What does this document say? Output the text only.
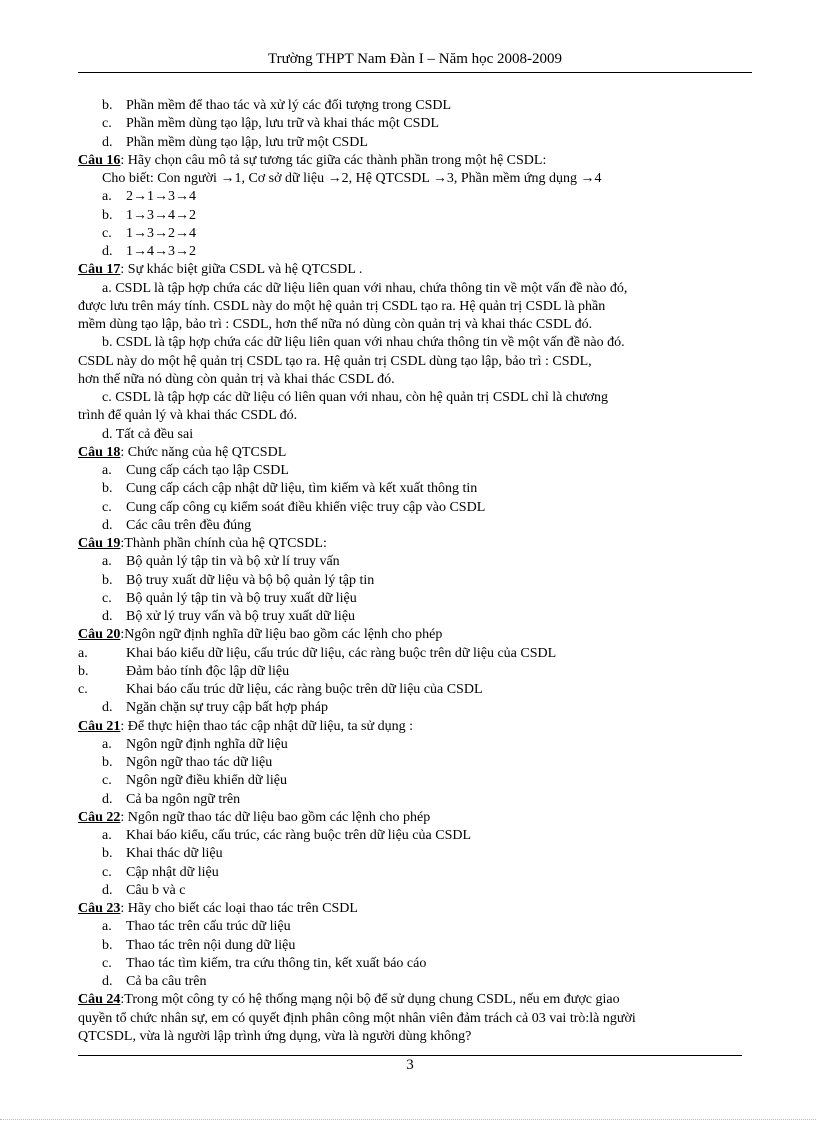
Trường THPT Nam Đàn I – Năm học 2008-2009
b. Phần mềm để thao tác và xử lý các đối tượng trong CSDL
c. Phần mềm dùng tạo lập, lưu trữ và khai thác một CSDL
d. Phần mềm dùng tạo lập, lưu trữ một CSDL
Câu 16: Hãy chọn câu mô tả sự tương tác giữa các thành phần trong một hệ CSDL:
Cho biết: Con người →1, Cơ sở dữ liệu →2, Hệ QTCSDL →3, Phần mềm ứng dụng →4
a. 2→1→3→4
b. 1→3→4→2
c. 1→3→2→4
d. 1→4→3→2
Câu 17: Sự khác biệt giữa CSDL và hệ QTCSDL .
a. CSDL là tập hợp chứa các dữ liệu liên quan với nhau, chứa thông tin về một vấn đề nào đó,
được lưu trên máy tính. CSDL này do một hệ quản trị CSDL tạo ra. Hệ quản trị CSDL là phần
mềm dùng tạo lập, bảo trì : CSDL, hơn thế nữa nó dùng còn quản trị và khai thác CSDL đó.
b. CSDL là tập hợp chứa các dữ liệu liên quan với nhau chứa thông tin về một vấn đề nào đó.
CSDL này do một hệ quản trị CSDL tạo ra. Hệ quản trị CSDL dùng tạo lập, bảo trì : CSDL,
hơn thế nữa nó dùng còn quản trị và khai thác CSDL đó.
c. CSDL là tập hợp các dữ liệu có liên quan với nhau, còn hệ quản trị CSDL chỉ là chương
trình để quản lý và khai thác CSDL đó.
d. Tất cả đều sai
Câu 18: Chức năng của hệ QTCSDL
a. Cung cấp cách tạo lập CSDL
b. Cung cấp cách cập nhật dữ liệu, tìm kiếm và kết xuất thông tin
c. Cung cấp công cụ kiểm soát điều khiển việc truy cập vào CSDL
d. Các câu trên đều đúng
Câu 19:Thành phần chính của hệ QTCSDL:
a. Bộ quản lý tập tin và bộ xử lí truy vấn
b. Bộ truy xuất dữ liệu và bộ bộ quản lý tập tin
c. Bộ quản lý tập tin và bộ truy xuất dữ liệu
d. Bộ xử lý truy vấn và bộ truy xuất dữ liệu
Câu 20:Ngôn ngữ định nghĩa dữ liệu bao gồm các lệnh cho phép
a.	Khai báo kiểu dữ liệu, cấu trúc dữ liệu, các ràng buộc trên dữ liệu của CSDL
b.	Đảm bảo tính độc lập dữ liệu
c.	Khai báo cấu trúc dữ liệu, các ràng buộc trên dữ liệu của CSDL
d. Ngăn chặn sự truy cập bất hợp pháp
Câu 21: Để thực hiện thao tác cập nhật dữ liệu, ta sử dụng :
a. Ngôn ngữ định nghĩa dữ liệu
b. Ngôn ngữ thao tác dữ liệu
c. Ngôn ngữ điều khiển dữ liệu
d. Cả ba ngôn ngữ trên
Câu 22: Ngôn ngữ thao tác dữ liệu bao gồm các lệnh cho phép
a. Khai báo kiểu, cấu trúc, các ràng buộc trên dữ liệu của CSDL
b. Khai thác dữ liệu
c. Cập nhật dữ liệu
d. Câu b và c
Câu 23: Hãy cho biết các loại thao tác trên CSDL
a. Thao tác trên cấu trúc dữ liệu
b. Thao tác trên nội dung dữ liệu
c. Thao tác tìm kiếm, tra cứu thông tin, kết xuất báo cáo
d. Cả ba câu trên
Câu 24:Trong một công ty có hệ thống mạng nội bộ để sử dụng chung CSDL, nếu em được giao
quyền tổ chức nhân sự, em có quyết định phân công một nhân viên đảm trách cả 03 vai trò:là người
QTCSDL, vừa là người lập trình ứng dụng, vừa là người dùng không?
3
